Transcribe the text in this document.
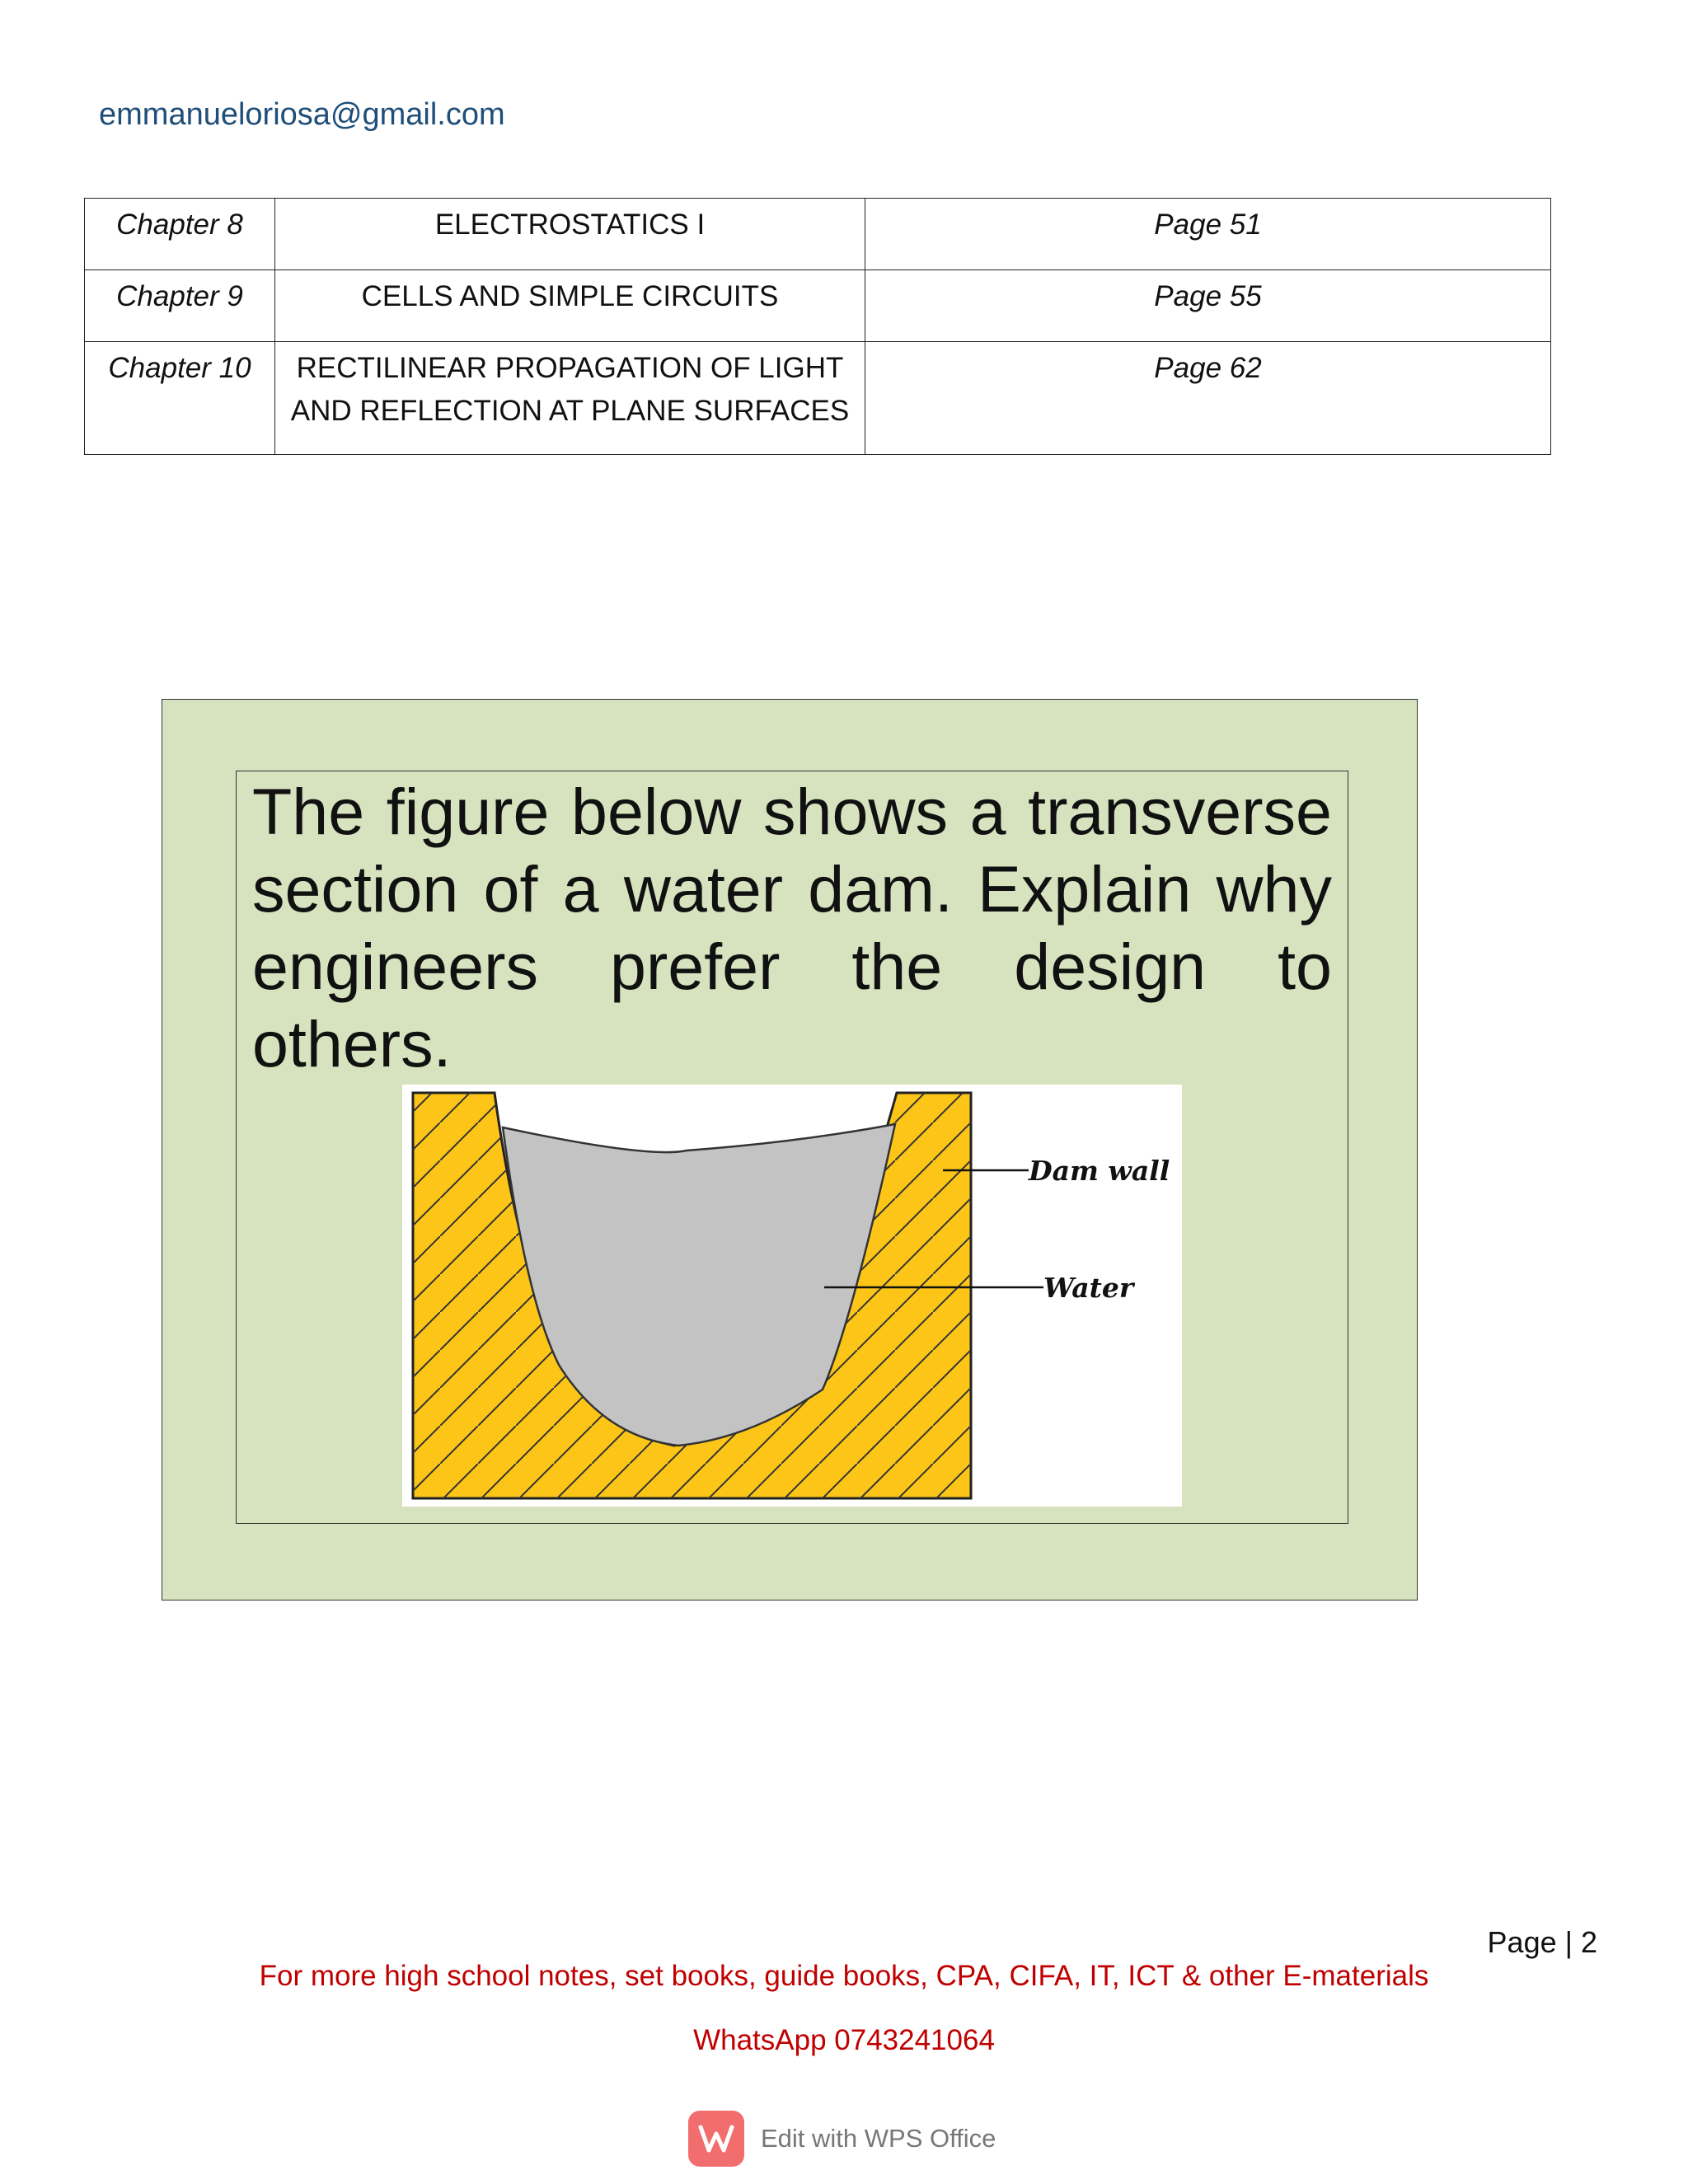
emmanueloriosa@gmail.com
Chapter 8	ELECTROSTATICS I	Page 51
Chapter 9	CELLS AND SIMPLE CIRCUITS	Page 55
Chapter 10	RECTILINEAR PROPAGATION OF LIGHT AND REFLECTION AT PLANE SURFACES	Page 62
The figure below shows a transverse section of a water dam. Explain why engineers prefer the design to others.
Dam wall
Water
Page | 2
For more high school notes, set books, guide books, CPA, CIFA, IT, ICT & other E-materials
WhatsApp 0743241064
Edit with WPS Office
